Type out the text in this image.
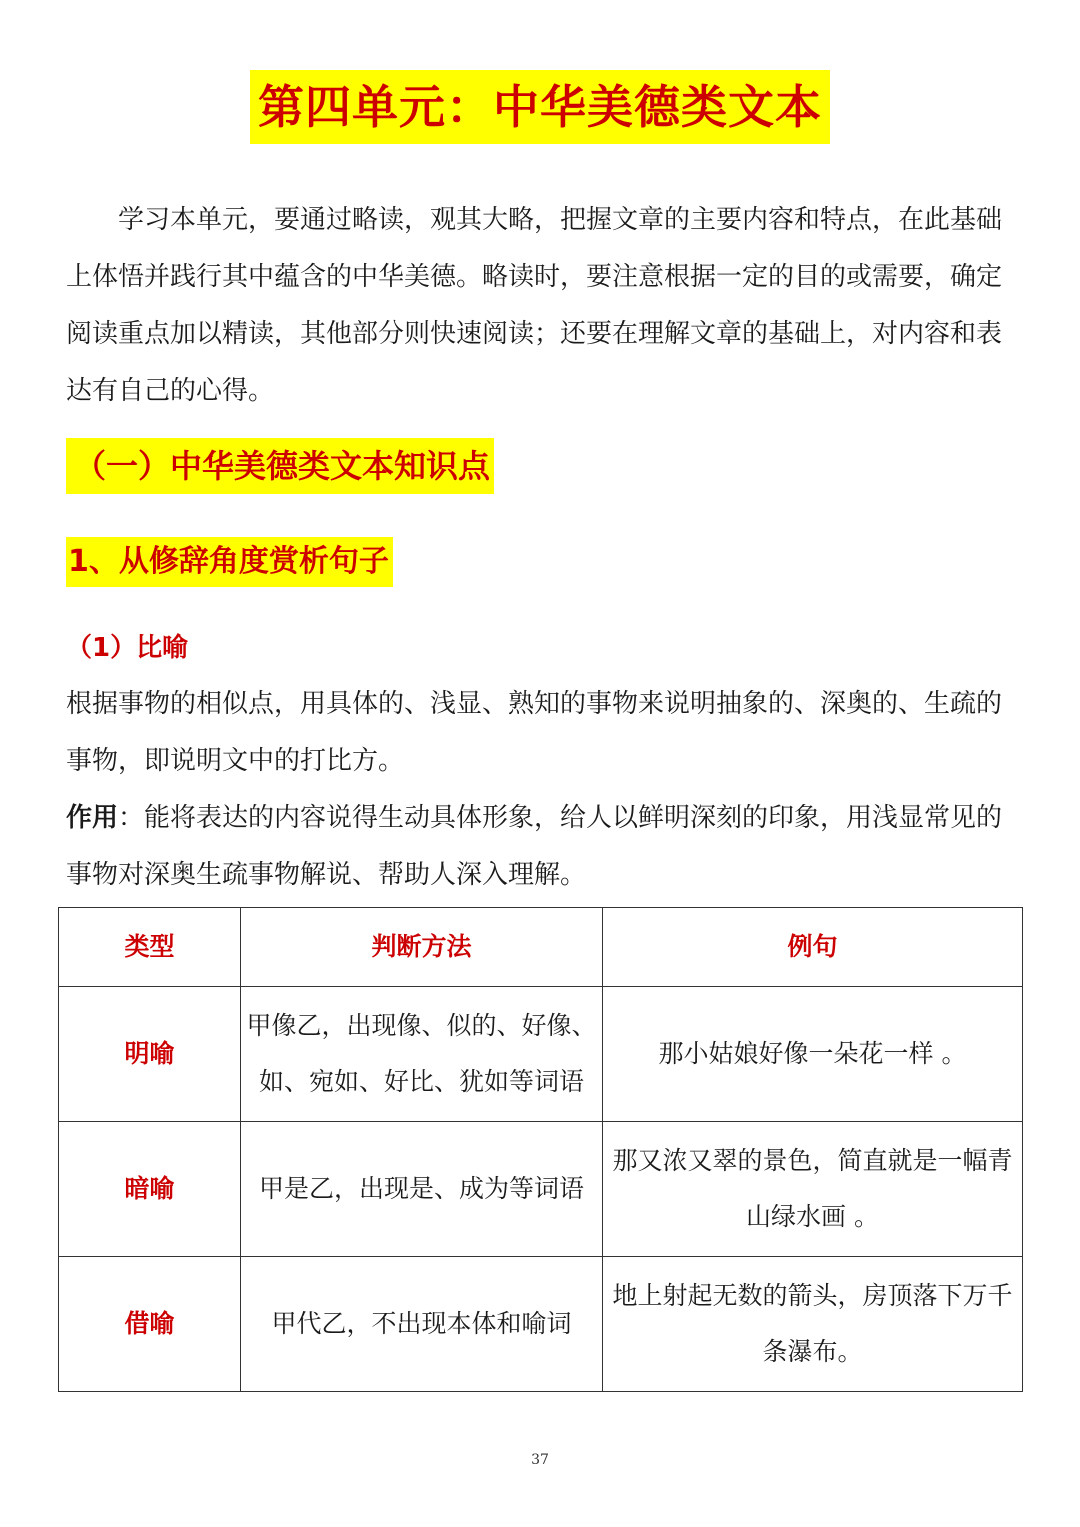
第四单元：中华美德类文本

学习本单元，要通过略读，观其大略，把握文章的主要内容和特点，在此基础上体悟并践行其中蕴含的中华美德。略读时，要注意根据一定的目的或需要，确定阅读重点加以精读，其他部分则快速阅读；还要在理解文章的基础上，对内容和表达有自己的心得。

（一）中华美德类文本知识点
1、从修辞角度赏析句子
（1）比喻

根据事物的相似点，用具体的、浅显、熟知的事物来说明抽象的、深奥的、生疏的事物，即说明文中的打比方。

作用：能将表达的内容说得生动具体形象，给人以鲜明深刻的印象，用浅显常见的事物对深奥生疏事物解说、帮助人深入理解。

类型	判断方法	例句
明喻	甲像乙，出现像、似的、好像、如、宛如、好比、犹如等词语	那小姑娘好像一朵花一样 。
暗喻	甲是乙，出现是、成为等词语	那又浓又翠的景色，简直就是一幅青山绿水画 。
借喻	甲代乙，不出现本体和喻词	地上射起无数的箭头，房顶落下万千条瀑布。
37
